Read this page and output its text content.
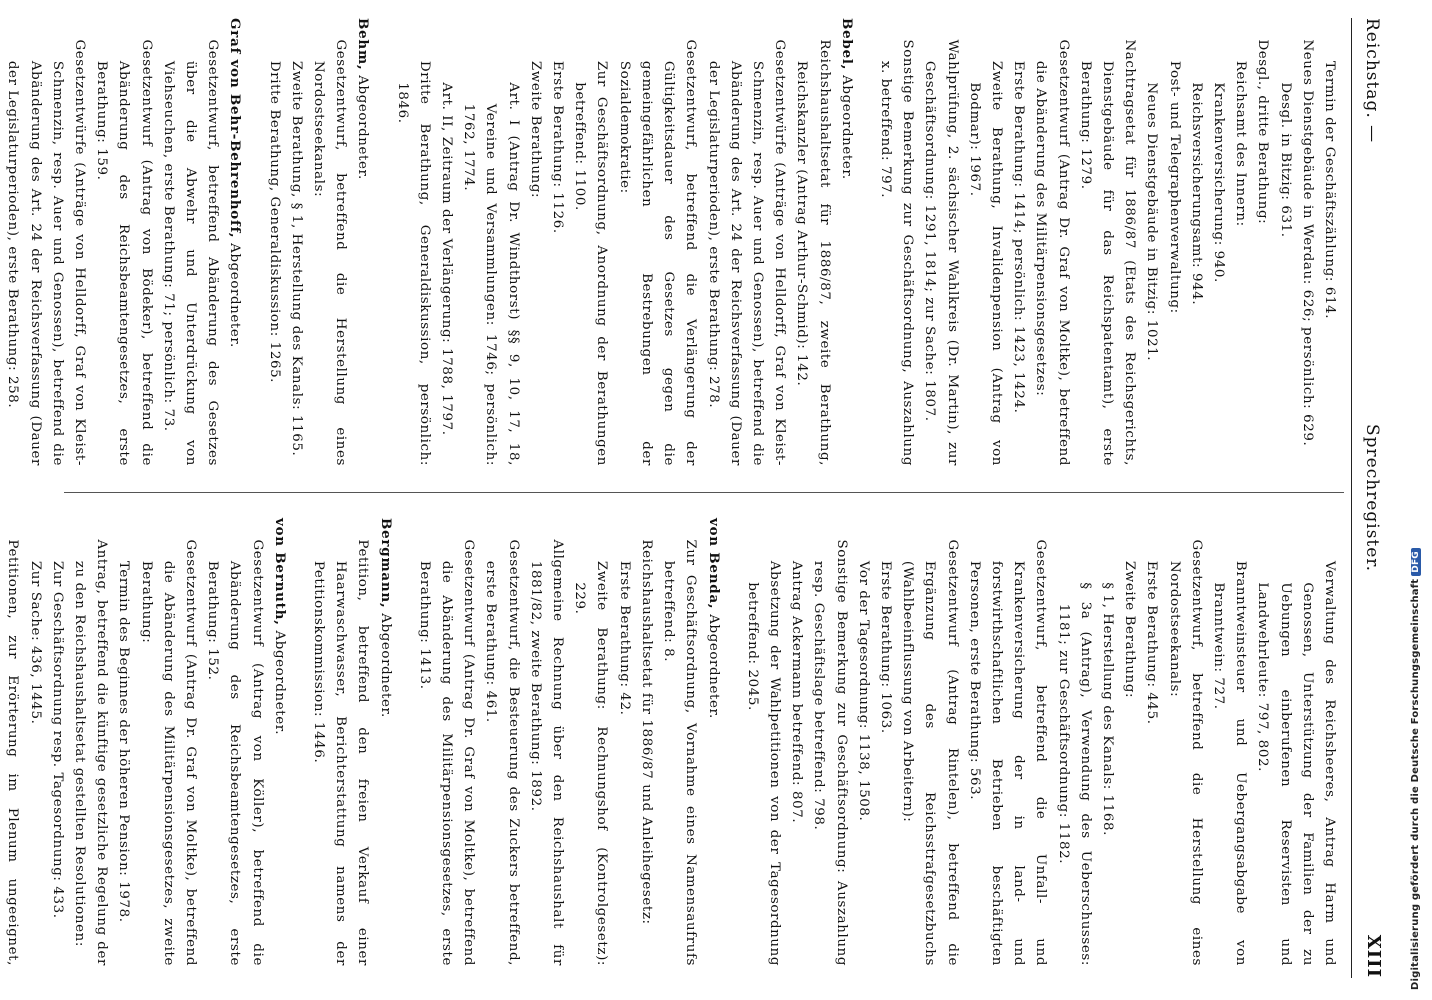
Reichstag. —
Sprechregister.
XIII

Termin der Geschäftszählung: 614.

Neues Dienstgebäude in Werdau: 626; persönlich: 629.

Desgl. in Bitzig: 631.

Desgl., dritte Berathung:

Reichsamt des Innern:

Krankenversicherung: 940.

Reichsversicherungsamt: 944.

Post- und Telegraphenverwaltung:

Neues Dienstgebäude in Bitzig: 1021.

Nachtragsetat für 1886/87 (Etats des Reichsgerichts, Dienstgebäude für das Reichspatentamt), erste Berathung: 1279.

Gesetzentwurf (Antrag Dr. Graf von Moltke), betreffend die Abänderung des Militärpensionsgesetzes:

Erste Berathung: 1414; persönlich: 1423, 1424.

Zweite Berathung, Invalidenpension (Antrag von Bodmar): 1967.

Wahlprüfung, 2. sächsischer Wahlkreis (Dr. Martin), zur Geschäftsordnung: 1291, 1814; zur Sache: 1807.

Sonstige Bemerkung zur Geschäftsordnung, Auszahlung x. betreffend: 797.

Bebel, Abgeordneter.

Reichshaushaltsetat für 1886/87, zweite Berathung, Reichskanzler (Antrag Arthur-Schmid): 142.

Gesetzentwürfe (Anträge von Helldorff, Graf von Kleist-Schmenzin, resp. Auer und Genossen), betreffend die Abänderung des Art. 24 der Reichsverfassung (Dauer der Legislaturperioden), erste Berathung: 278.

Gesetzentwurf, betreffend die Verlängerung der Gültigkeitsdauer des Gesetzes gegen die gemeingefährlichen Bestrebungen der Sozialdemokratie:

Zur Geschäftsordnung, Anordnung der Berathungen betreffend: 1100.

Erste Berathung: 1126.

Zweite Berathung:

Art. I (Antrag Dr. Windthorst) §§ 9, 10, 17, 18, Vereine und Versammlungen: 1746; persönlich: 1762, 1774.

Art. II, Zeitraum der Verlängerung: 1788, 1797.

Dritte Berathung, Generaldiskussion, persönlich: 1846.

Behm, Abgeordneter.

Gesetzentwurf, betreffend die Herstellung eines Nordostseekanals:

Zweite Berathung, § 1, Herstellung des Kanals: 1165.

Dritte Berathung, Generaldiskussion: 1265.

Graf von Behr-Behrenhoff, Abgeordneter.

Gesetzentwurf, betreffend Abänderung des Gesetzes über die Abwehr und Unterdrückung von Viehseuchen, erste Berathung: 71; persönlich: 73.

Gesetzentwurf (Antrag von Bödeker), betreffend die Abänderung des Reichsbeamtengesetzes, erste Berathung: 159.

Gesetzentwürfe (Anträge von Helldorff, Graf von Kleist-Schmenzin, resp. Auer und Genossen), betreffend die Abänderung des Art. 24 der Reichsverfassung (Dauer der Legislaturperioden), erste Berathung: 258.

Verwaltung des Reichsheeres, Antrag Harm und Genossen, Unterstützung der Familien der zu Uebungen einberufenen Reservisten und Landwehrleute: 797, 802.

Branntweinsteuer und Uebergangsabgabe von Branntwein: 727.

Gesetzentwurf, betreffend die Herstellung eines Nordostseekanals:

Erste Berathung: 445.

Zweite Berathung:

§ 1, Herstellung des Kanals: 1168.

§ 3a (Antrag), Verwendung des Ueberschusses: 1181; zur Geschäftsordnung: 1182.

Gesetzentwurf, betreffend die Unfall- und Krankenversicherung der in land- und forstwirthschaftlichen Betrieben beschäftigten Personen, erste Berathung: 563.

Gesetzentwurf (Antrag Rintelen), betreffend die Ergänzung des Reichsstrafgesetzbuchs (Wahlbeeinflussung von Arbeitern):

Erste Berathung: 1063.

Vor der Tagesordnung: 1138, 1508.

Sonstige Bemerkung zur Geschäftsordnung: Auszahlung resp. Geschäftslage betreffend: 798.

Antrag Ackermann betreffend: 807.

Absetzung der Wahlpetitionen von der Tagesordnung betreffend: 2045.

von Benda, Abgeordneter.

Zur Geschäftsordnung, Vornahme eines Namensaufrufs betreffend: 8.

Reichshaushaltsetat für 1886/87 und Anleihegesetz:

Erste Berathung: 42.

Zweite Berathung: Rechnungshof (Kontrolgesetz): 229.

Allgemeine Rechnung über den Reichshaushalt für 1881/82, zweite Berathung: 1892.

Gesetzentwurf, die Besteuerung des Zuckers betreffend, erste Berathung: 461.

Gesetzentwurf (Antrag Dr. Graf von Moltke), betreffend die Abänderung des Militärpensionsgesetzes, erste Berathung: 1413.

Bergmann, Abgeordneter.

Petition, betreffend den freien Verkauf einer Haarwaschwasser, Berichterstattung namens der Petitionskommission: 1446.

von Bernuth, Abgeordneter.

Gesetzentwurf (Antrag von Köller), betreffend die Abänderung des Reichsbeamtengesetzes, erste Berathung: 152.

Gesetzentwurf (Antrag Dr. Graf von Moltke), betreffend die Abänderung des Militärpensionsgesetzes, zweite Berathung:

Termin des Beginnes der höheren Pension: 1978.

Antrag, betreffend die künftige gesetzliche Regelung der zu den Reichshaushaltsetat gestellten Resolutionen:

Zur Geschäftsordnung resp. Tagesordnung: 433.

Zur Sache: 436, 1445.

Petitionen, zur Erörterung im Plenum ungeeignet,	Digitalisierung gefördert durch die Deutsche ForschungsgemeinschaftDFG
